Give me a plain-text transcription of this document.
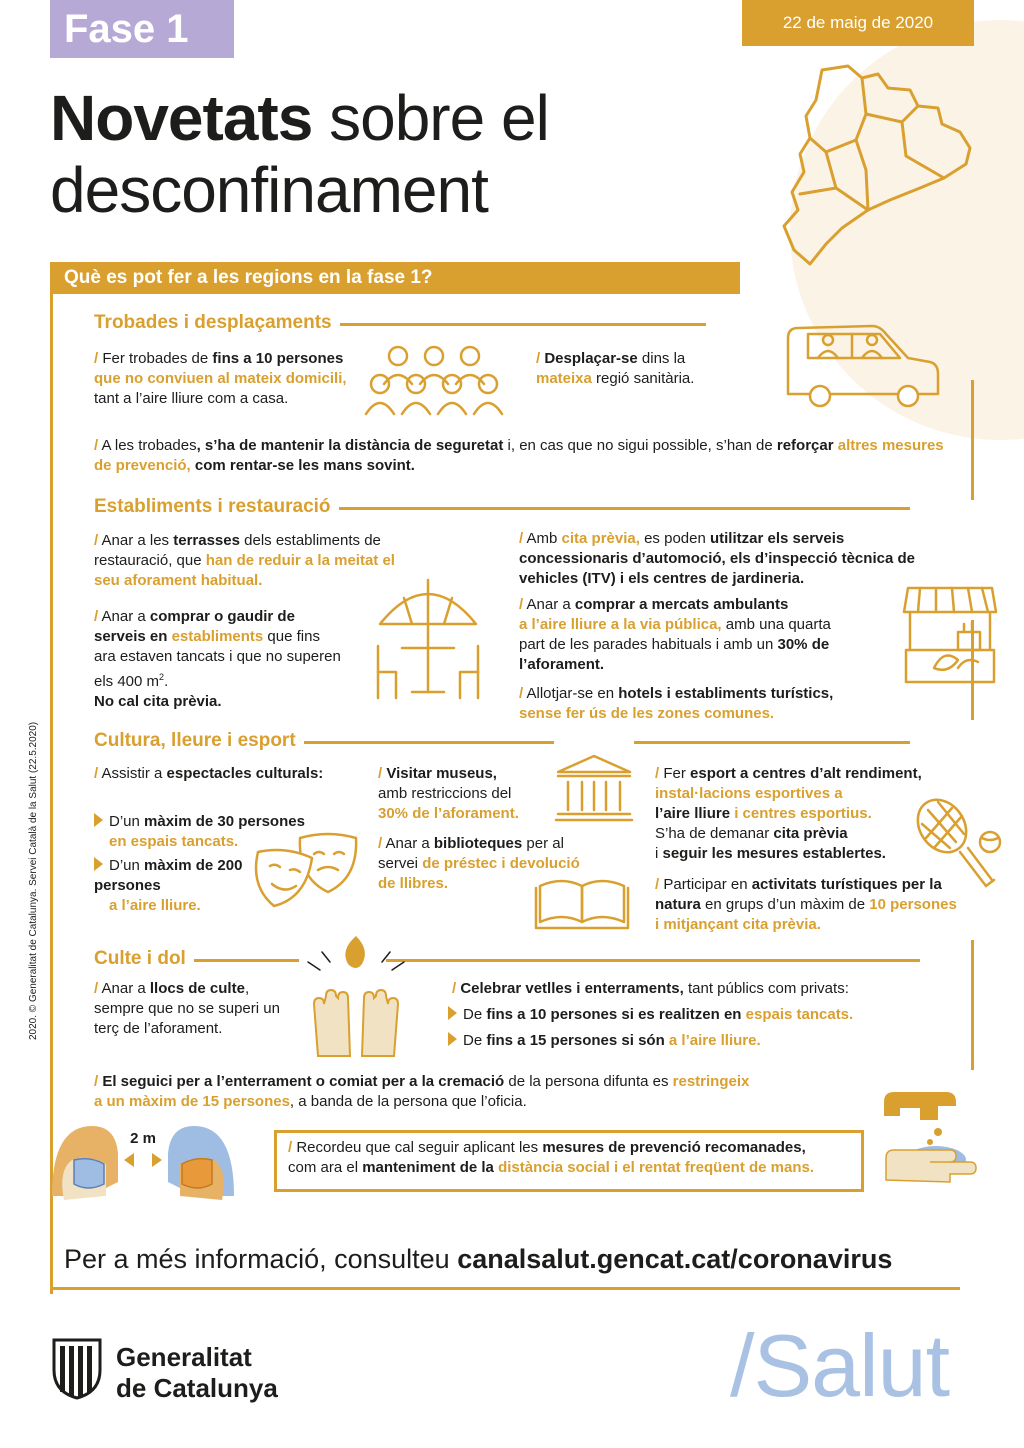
Fase 1	22 de maig de 2020
Novetats sobre el
desconfinament
Què es pot fer a les regions en la fase 1?
Trobades i desplaçaments
Establiments i restauració
Cultura, lleure i esport
Culte i dol
/ Fer trobades de fins a 10 persones que no conviuen al mateix domicili, tant a l’aire lliure com a casa.
/ Desplaçar-se dins la mateixa regió sanitària.
/ A les trobades, s’ha de mantenir la distància de seguretat i, en cas que no sigui possible, s’han de reforçar altres mesures de prevenció, com rentar-se les mans sovint.
/ Anar a les terrasses dels establiments de restauració, que han de reduir a la meitat el seu aforament habitual.
/ Anar a comprar o gaudir de serveis en establiments que fins ara estaven tancats i que no superen els 400 $m^2$.
No cal cita prèvia.
/ Amb cita prèvia, es poden utilitzar els serveis concessionaris d’automoció, els d’inspecció tècnica de vehicles (ITV) i els centres de jardineria.
/ Anar a comprar a mercats ambulants
a l’aire lliure a la via pública, amb una quarta part de les parades habituals i amb un 30% de l’aforament.
/ Allotjar-se en hotels i establiments turístics,
sense fer ús de les zones comunes.
/ Assistir a espectacles culturals:
D’un màxim de 30 persones
en espais tancats.
D’un màxim de 200 persones
a l’aire lliure.
/ Visitar museus,
amb restriccions del
30% de l’aforament.
/ Anar a biblioteques per al servei de préstec i devolució de llibres.
/ Fer esport a centres d’alt rendiment,
instal·lacions esportives a
l’aire lliure i centres esportius.
S’ha de demanar cita prèvia
i seguir les mesures establertes.
/ Participar en activitats turístiques per la natura en grups d’un màxim de 10 persones i mitjançant cita prèvia.
/ Anar a llocs de culte, sempre que no se superi un terç de l’aforament.
/ Celebrar vetlles i enterraments, tant públics com privats:
De fins a 10 persones si es realitzen en espais tancats.
De fins a 15 persones si són a l’aire lliure.
/ El seguici per a l’enterrament o comiat per a la cremació de la persona difunta es restringeix a un màxim de 15 persones, a banda de la persona que l’oficia.
2 m
/ Recordeu que cal seguir aplicant les mesures de prevenció recomanades,
com ara el manteniment de la distància social i el rentat freqüent de mans.
Per a més informació, consulteu canalsalut.gencat.cat/coronavirus
Generalitat
de Catalunya	/Salut
2020. © Generalitat de Catalunya. Servei Català de la Salut (22.5.2020)
